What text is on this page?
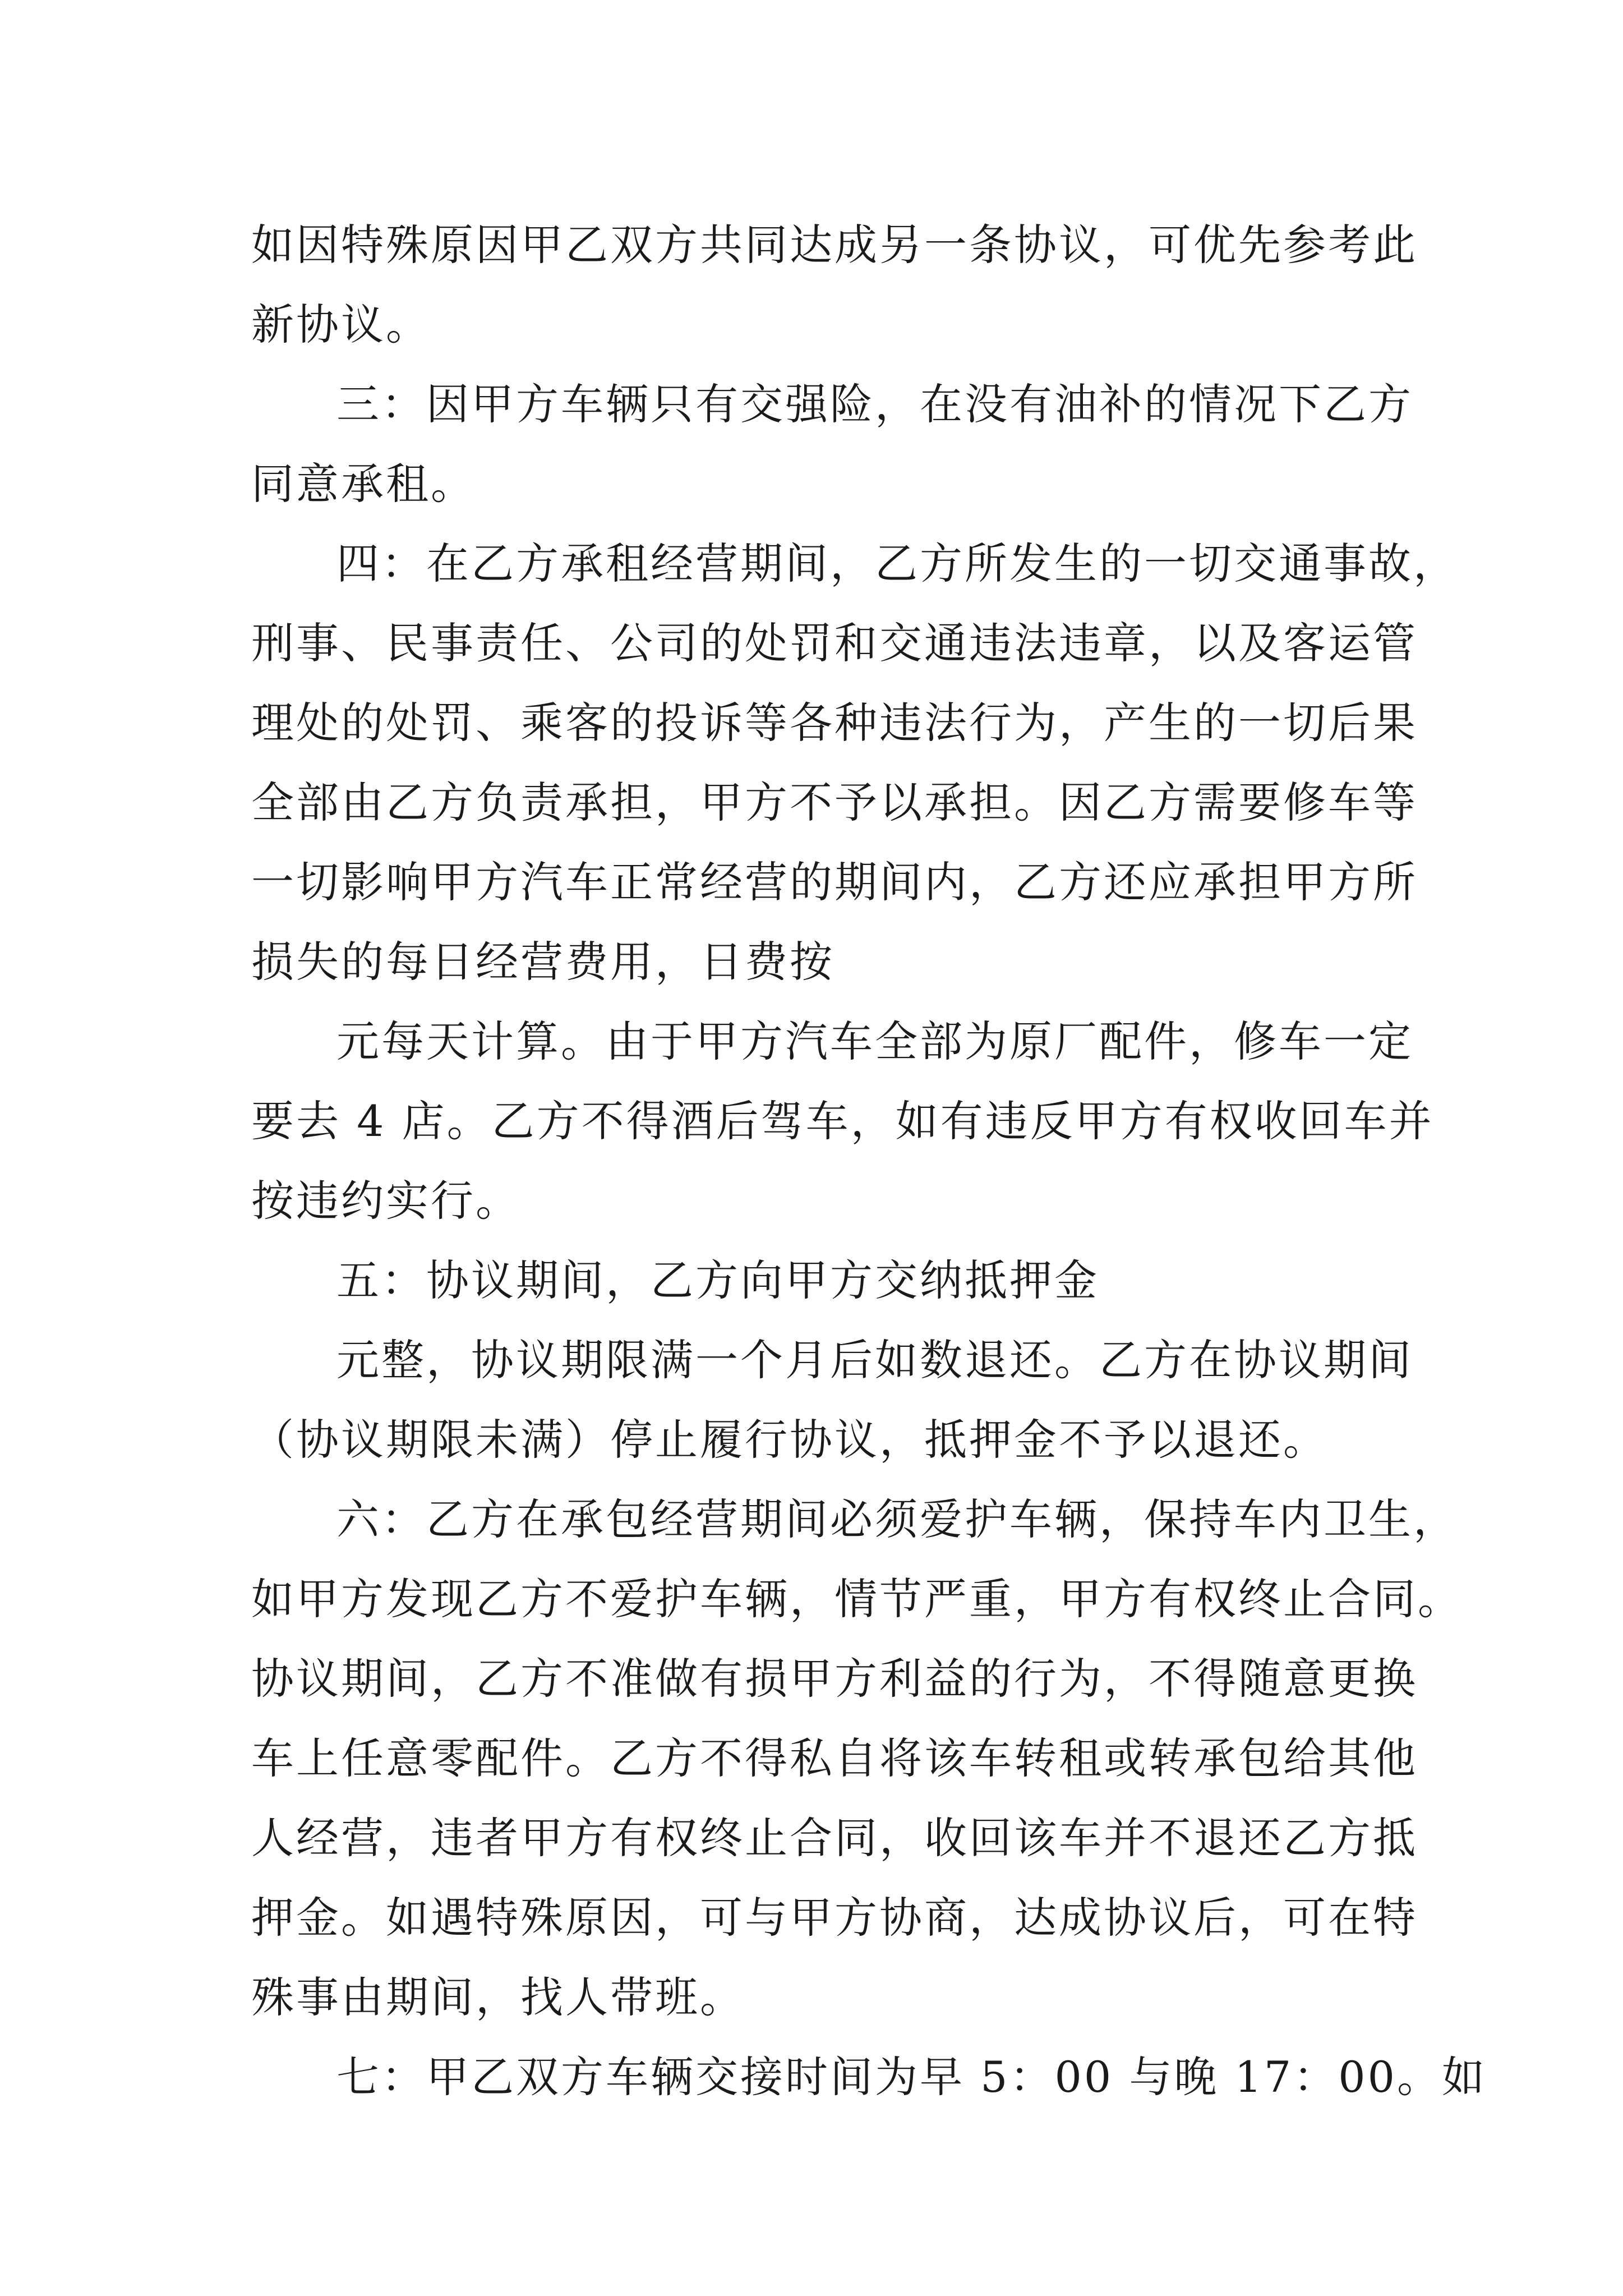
如因特殊原因甲乙双方共同达成另一条协议，可优先参考此
新协议。
三：因甲方车辆只有交强险，在没有油补的情况下乙方
同意承租。
四：在乙方承租经营期间，乙方所发生的一切交通事故，
刑事、民事责任、公司的处罚和交通违法违章，以及客运管
理处的处罚、乘客的投诉等各种违法行为，产生的一切后果
全部由乙方负责承担，甲方不予以承担。因乙方需要修车等
一切影响甲方汽车正常经营的期间内，乙方还应承担甲方所
损失的每日经营费用，日费按
元每天计算。由于甲方汽车全部为原厂配件，修车一定
要去 4 店。乙方不得酒后驾车，如有违反甲方有权收回车并
按违约实行。
五：协议期间，乙方向甲方交纳抵押金
元整，协议期限满一个月后如数退还。乙方在协议期间
（协议期限未满）停止履行协议，抵押金不予以退还。
六：乙方在承包经营期间必须爱护车辆，保持车内卫生，
如甲方发现乙方不爱护车辆，情节严重，甲方有权终止合同。
协议期间，乙方不准做有损甲方利益的行为，不得随意更换
车上任意零配件。乙方不得私自将该车转租或转承包给其他
人经营，违者甲方有权终止合同，收回该车并不退还乙方抵
押金。如遇特殊原因，可与甲方协商，达成协议后，可在特
殊事由期间，找人带班。
七：甲乙双方车辆交接时间为早 5：00 与晚 17：00。如
